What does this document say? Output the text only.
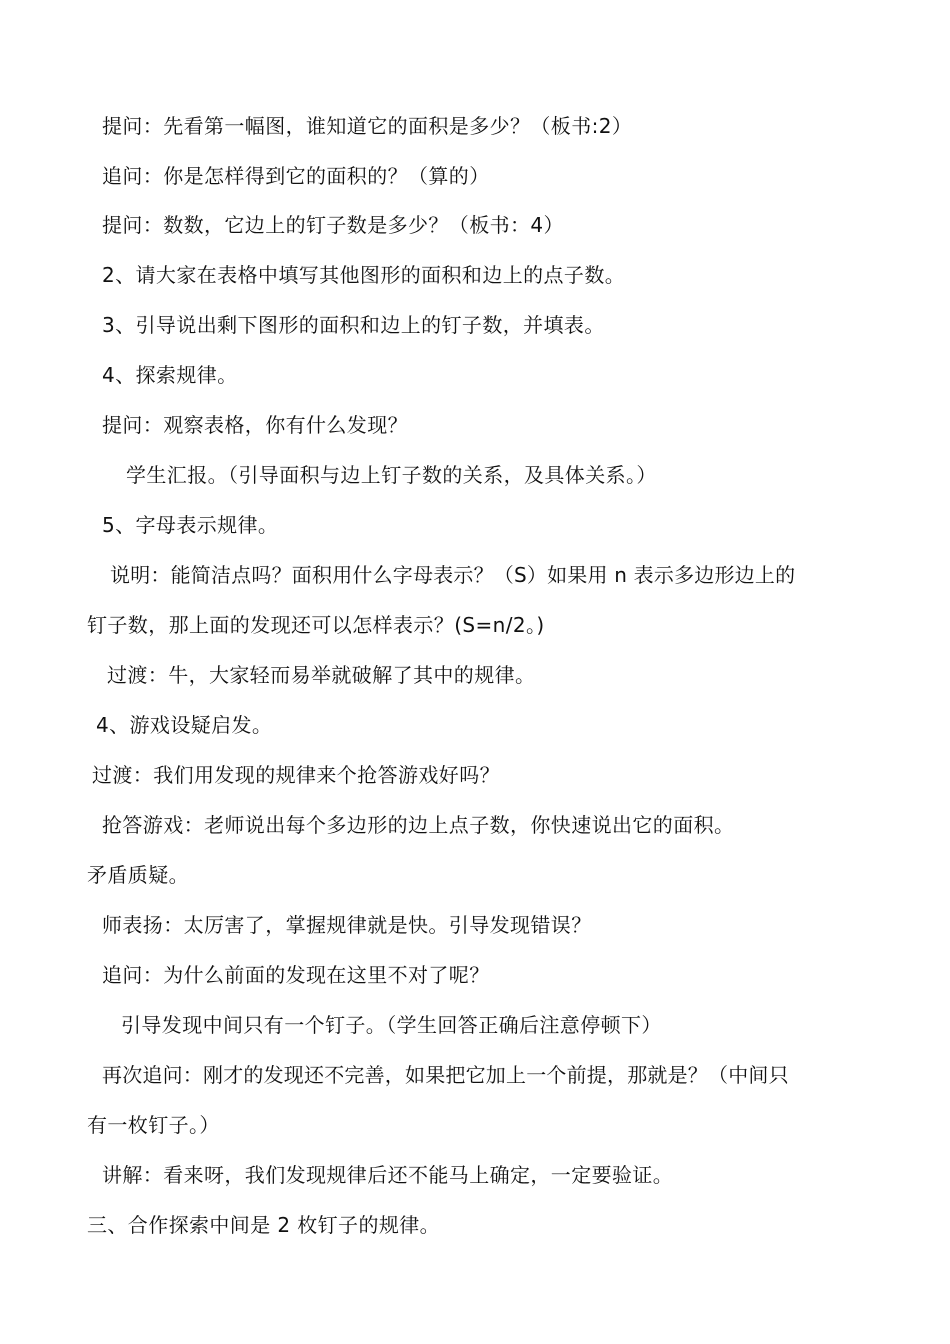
提问：先看第一幅图，谁知道它的面积是多少？（板书:2）
追问：你是怎样得到它的面积的？（算的）
提问：数数，它边上的钉子数是多少？（板书：4）
2、请大家在表格中填写其他图形的面积和边上的点子数。
3、引导说出剩下图形的面积和边上的钉子数，并填表。
4、探索规律。
提问：观察表格，你有什么发现？
学生汇报。（引导面积与边上钉子数的关系，及具体关系。）
5、字母表示规律。
说明：能简洁点吗？面积用什么字母表示？（S）如果用 n 表示多边形边上的
钉子数，那上面的发现还可以怎样表示？(S=n/2。)
过渡：牛，大家轻而易举就破解了其中的规律。
4、游戏设疑启发。
过渡：我们用发现的规律来个抢答游戏好吗？
抢答游戏：老师说出每个多边形的边上点子数，你快速说出它的面积。
矛盾质疑。
师表扬：太厉害了，掌握规律就是快。引导发现错误？
追问：为什么前面的发现在这里不对了呢？
引导发现中间只有一个钉子。（学生回答正确后注意停顿下）
再次追问：刚才的发现还不完善，如果把它加上一个前提，那就是？（中间只
有一枚钉子。）
讲解：看来呀，我们发现规律后还不能马上确定，一定要验证。
三、合作探索中间是 2 枚钉子的规律。
